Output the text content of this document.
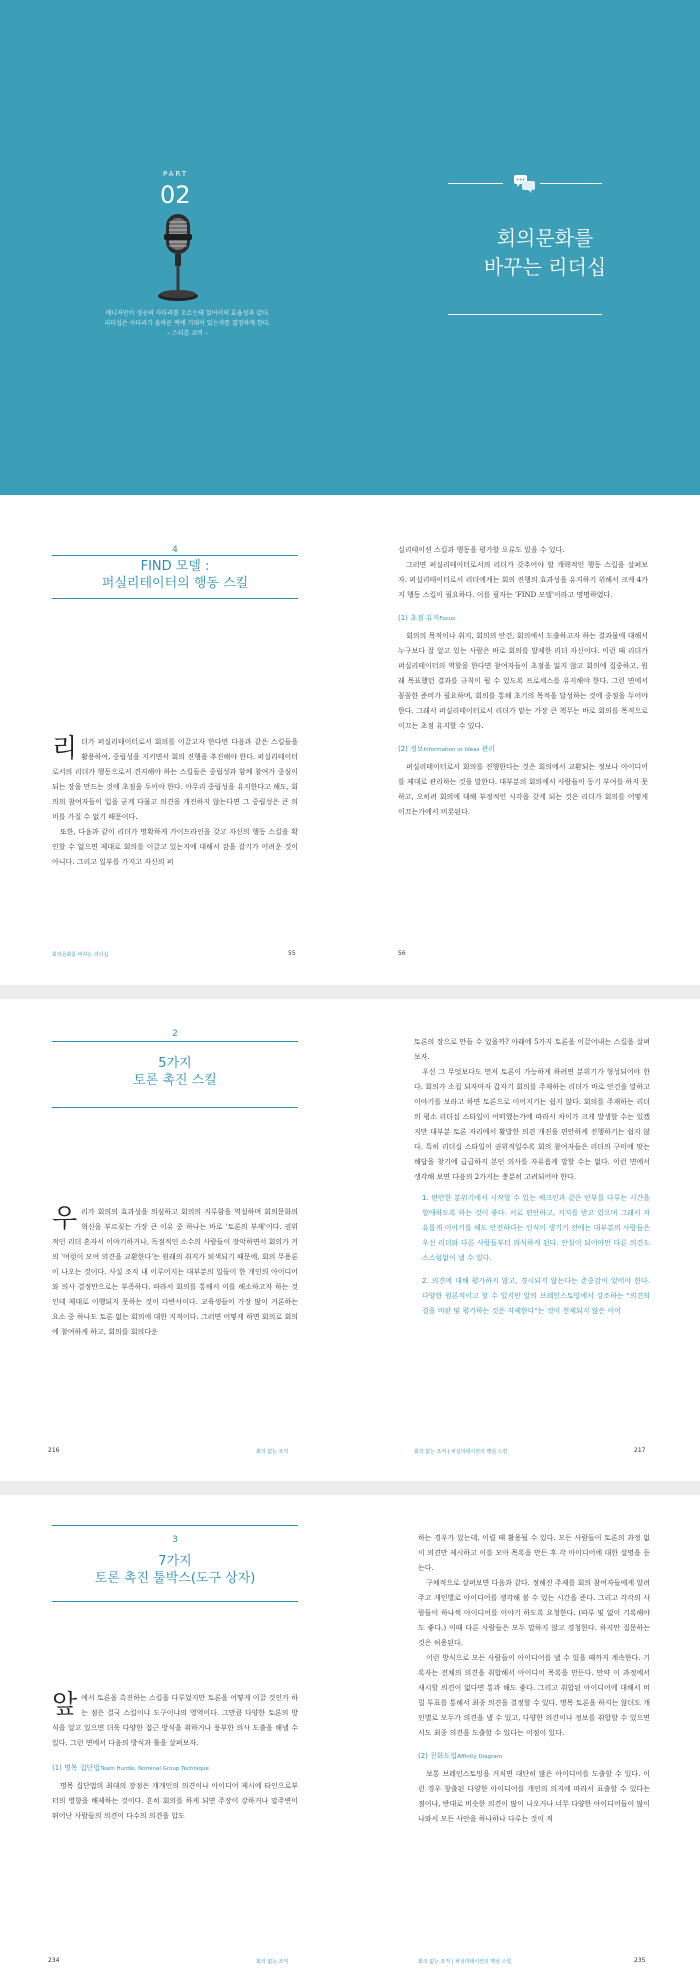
PART
02
매니저만이 성공의 사다리를 오르는데 있어서의 효율성과 같다.
리더십은 사다리가 올바른 벽에 기대어 있는지를 결정하게 한다.
– 스티븐 코비 –
회의문화를
바꾸는 리더십
4
FIND 모델 :
퍼실리테이터의 행동 스킬

리더가 퍼실리테이터로서 회의를 이끌고자 한다면 다음과 같은 스킬들을 활용하여, 중립성을 지키면서 회의 진행을 추진해야 한다. 퍼실리테이터로서의 리더가 행동으로서 견지해야 하는 스킬들은 중립성과 함께 참여가 중심이 되는 장을 만드는 것에 초점을 두어야 한다. 아무리 중립성을 유지한다고 해도, 회의의 참여자들이 입을 굳게 다물고 의견을 개진하지 않는다면 그 중립성은 큰 의미를 가질 수 없기 때문이다.

또한, 다음과 같이 리더가 명확하게 가이드라인을 갖고 자신의 행동 스킬을 확인할 수 없으면 제대로 회의를 이끌고 있는지에 대해서 감을 잡기가 어려운 것이 아니다. 그리고 일부를 가지고 자신의 퍼

회의문화를 바꾸는 리더십	55

실리테이션 스킬과 행동을 평가할 오류도 있을 수 있다.

그러면 퍼실리테이터로서의 리더가 갖추어야 할 개략적인 행동 스킬을 살펴보자. 퍼실리테이터로서 리더에게는 회의 진행의 효과성을 유지하기 위해서 크게 4가지 행동 스킬이 필요하다. 이를 필자는 'FIND 모델'이라고 명명하였다.

(1) 초점 유지Focus

회의의 목적이나 취지, 회의의 안건, 회의에서 도출하고자 하는 결과물에 대해서 누구보다 잘 알고 있는 사람은 바로 회의를 발제한 리더 자신이다. 이런 때 리더가 퍼실리테이터의 역할을 한다면 참여자들이 초점을 잃지 않고 회의에 집중하고, 원래 목표했던 결과를 규칙이 될 수 있도록 프로세스를 유지해야 한다. 그런 면에서 꼼꼼한 준비가 필요하며, 회의를 통해 초기의 목적을 달성하는 것에 중점을 두어야 한다. 그래서 퍼실리테이터로서 리더가 맡는 가장 큰 책무는 바로 회의를 목적으로 이끄는 초점 유지할 수 있다.

(2) 정보Information or Ideas 관리

퍼실리테이터로서 회의를 진행한다는 것은 회의에서 교환되는 정보나 아이디어를 제대로 관리하는 것을 말한다. 대부분의 회의에서 사람들이 동기 부여를 하지 못하고, 오히려 회의에 대해 부정적인 시각을 갖게 되는 것은 리더가 회의를 어떻게 이끄는가에서 비롯된다.

56
2
5가지
토론 촉진 스킬

우리가 회의의 효과성을 의심하고 회의의 지루함을 역설하며 회의문화의 혁신을 부르짖는 가장 큰 이유 중 하나는 바로 '토론의 부재'이다. 권위적인 리더 혼자서 이야기하거나, 독점적인 소수의 사람들이 장악하면서 회의가 거의 '여럿이 모여 의견을 교환한다'는 원래의 취지가 퇴색되기 때문에, 회의 무용론이 나오는 것이다. 사실 조직 내 이루어지는 대부분의 일들이 한 개인의 아이디어와 의사 결정만으로는 부족하다. 따라서 회의를 통해서 이를 해소하고자 하는 것인데 제대로 이행되지 못하는 것이 다반사이다. 교육생들이 가장 많이 거론하는 요소 중 하나도 토론 없는 회의에 대한 지적이다. 그러면 어떻게 하면 회의로 회의에 참여하게 하고, 회의를 회의다운

216	회의 없는 조직

토론의 장으로 만들 수 있을까? 아래에 5가지 토론을 이끌어내는 스킬을 살펴보자.

우선 그 무엇보다도 먼저 토론이 가능하게 하려면 분위기가 형성되어야 한다. 회의가 소집 되자마자 갑자기 회의를 주재하는 리더가 바로 안건을 말하고 이야기를 보라고 하면 토론으로 이어지기는 쉽지 않다. 회의를 주재하는 리더의 평소 리더십 스타일이 어떠했는가에 따라서 차이가 크게 발생할 수는 있겠지만 대부분 토론 자리에서 활발한 의견 개진을 편안하게 진행하기는 쉽지 않다. 특히 리더십 스타일이 권위적일수록 회의 참여자들은 리더의 구미에 맞는 해답을 찾기에 급급하지 본인 의사를 자유롭게 말할 수는 없다. 이런 면에서 생각해 보면 다음의 2가지는 충분히 고려되어야 한다.

1. 편안한 분위기에서 시작할 수 있는 체크인과 같은 안부를 다루는 시간을 할애하도록 하는 것이 좋다. 서로 편안하고, 지지를 받고 있으며 그래서 자유롭게 이야기를 해도 안전하다는 인식이 생기기 전에는 대부분의 사람들은 우선 리더와 다른 사람들부터 의식하게 된다. 안심이 되어야만 다른 의견도 스스럼없이 낼 수 있다.

2. 의견에 대해 평가하지 않고, 경시되지 않는다는 존중감이 있어야 한다. 다양한 원론적이고 할 수 있지만 앞의 브레인스토밍에서 강조하는 "의견의 질을 비판 및 평가하는 것은 자제한다"는 것이 전제되지 않은 이어

회의 없는 조직 | 퍼실리테이션의 핵심 스킬	217
3
7가지
토론 촉진 툴박스(도구 상자)

앞에서 토론을 촉진하는 스킬을 다루었지만 토론을 어떻게 이끌 것인가 하는 점은 결국 스킬이냐 도구이냐의 영역이다. 그만큼 다양한 토론의 방식을 알고 있으면 더욱 다양한 접근 방식을 취하거나 풍부한 의사 도출을 해낼 수 있다. 그런 면에서 다음의 방식과 툴을 살펴보자.

(1) 명목 집단법Team Hurdle, Nominal Group Technique

명목 집단법의 최대의 장점은 개개인의 의견이나 아이디어 제시에 타인으로부터의 영향을 배제하는 것이다. 흔히 회의를 하게 되면 주장이 강하거나 말주변이 뛰어난 사람들의 의견이 다수의 의견을 압도

234	회의 없는 조직

하는 경우가 있는데, 이럴 때 활용될 수 있다. 모든 사람들이 토론의 과정 없이 의견만 제시하고 이를 모아 목록을 만든 후 각 아이디어에 대한 설명을 듣는다.

구체적으로 살펴보면 다음과 같다. 정해진 주제를 회의 참여자들에게 알려 주고 개인별로 아이디어를 생각해 볼 수 있는 시간을 준다. 그리고 각각의 사람들이 하나씩 아이디어를 이야기 하도록 요청한다. (따루 및 없이 기록해야도 좋다.) 이때 다른 사람들은 모두 말하지 않고 경청한다. 하지만 질문하는 것은 허용된다.

이런 방식으로 모든 사람들이 아이디어를 낼 수 있을 때까지 계속한다. 기록자는 전체의 의견을 취합해서 아이디어 목록을 만든다. 만약 이 과정에서 새시할 의견이 없다면 통과 해도 좋다. 그리고 취합된 아이디어에 대해서 비밀 투표를 통해서 최종 의견을 결정할 수 있다. 명목 토론을 하지는 않더도 개인별로 모두가 의견을 낼 수 있고, 다양한 의견이나 정보를 취합할 수 있으면서도 최종 의견을 도출할 수 있다는 이점이 있다.

(2) 친화도법Affinity Diagram

보통 브레인스토밍을 거치면 대단히 많은 아이디어를 도출할 수 있다. 이런 경우 창출된 다양한 아이디어를 개인의 의지에 따라서 표출할 수 있다는 점이나, 반대로 비슷한 의견이 많이 나오거나 너무 다양한 아이디어들이 많이 나와서 모든 사안을 하나하나 다루는 것이 적

회의 없는 조직 | 퍼실리테이션의 핵심 스킬	235
